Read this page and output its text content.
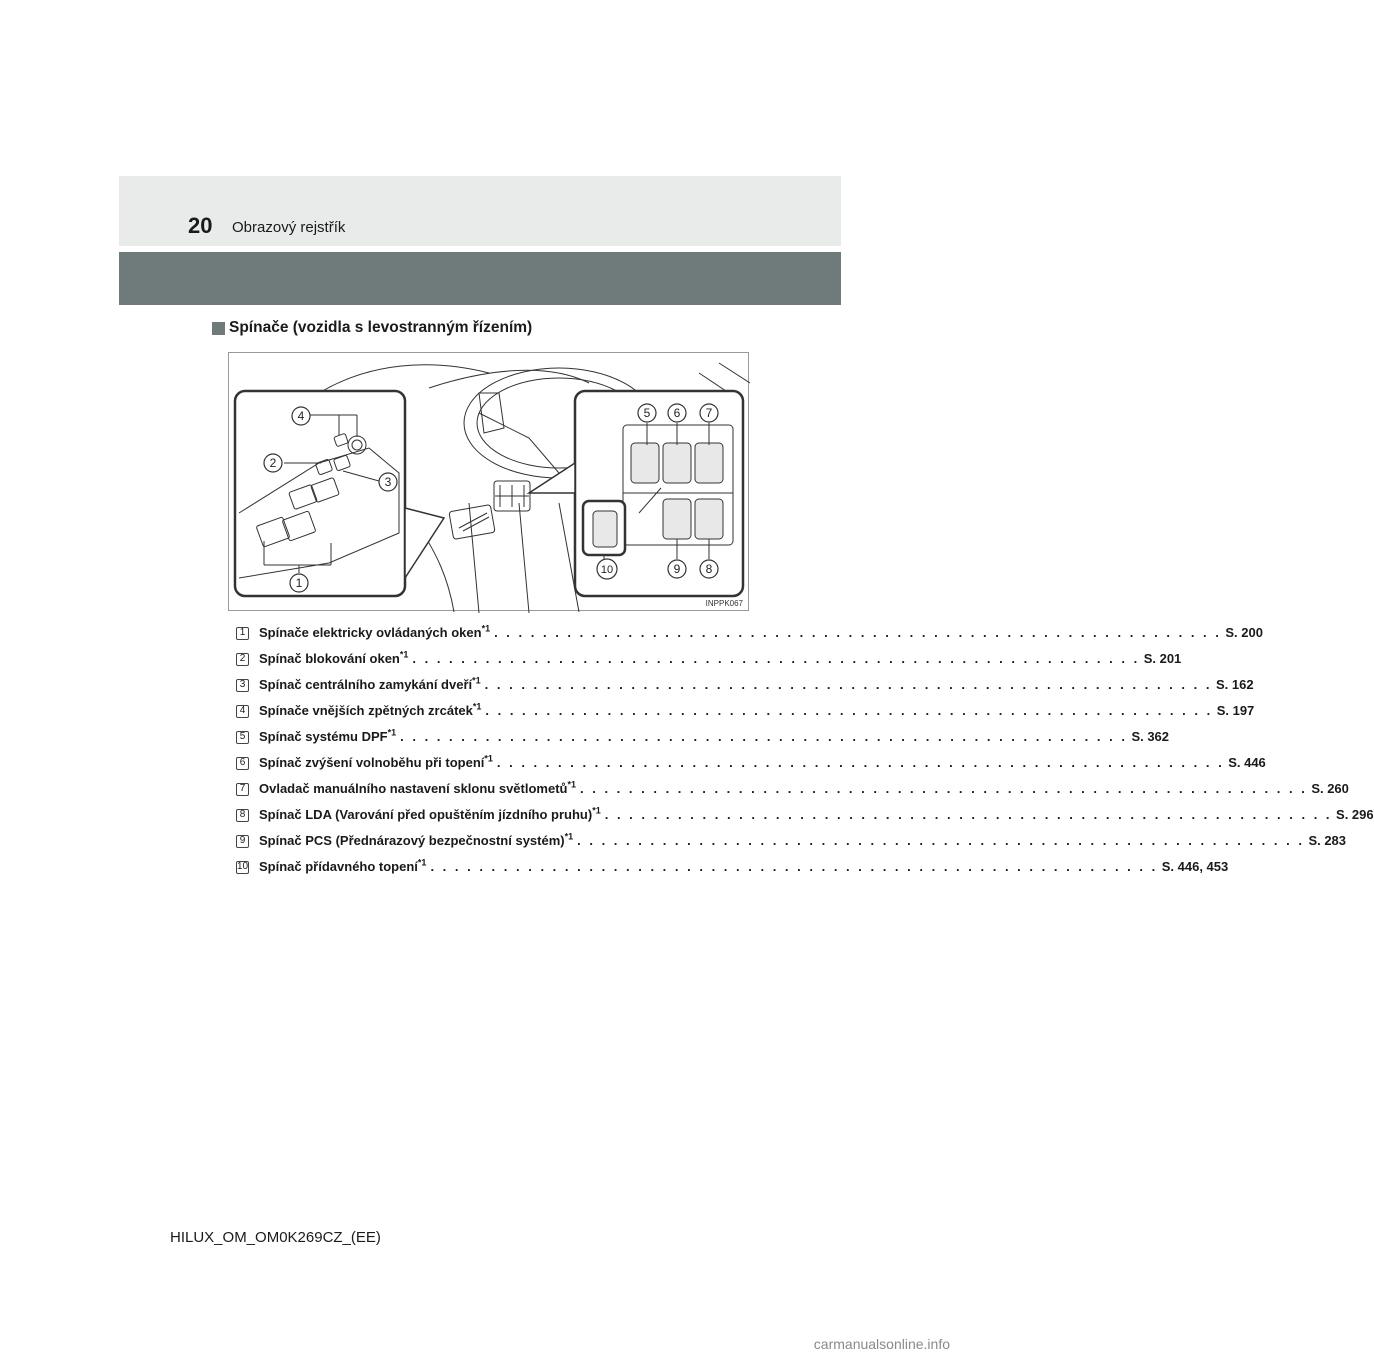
20 Obrazový rejstřík
Spínače (vozidla s levostranným řízením)
4
2
3
1
5 6 7
8
9
10
INPPK067
1 Spínače elektricky ovládaných oken$^{*1}$ . . . . . . . . . . . . . . . . . . . . . . . . . . . . . . . . . . . . . . . . . . . . . . . . . . . . . . . . . . . . S. 200
2 Spínač blokování oken$^{*1}$ . . . . . . . . . . . . . . . . . . . . . . . . . . . . . . . . . . . . . . . . . . . . . . . . . . . . . . . . . . . . S. 201
3 Spínač centrálního zamykání dveří$^{*1}$ . . . . . . . . . . . . . . . . . . . . . . . . . . . . . . . . . . . . . . . . . . . . . . . . . . . . . . . . . . . . S. 162
4 Spínače vnějších zpětných zrcátek$^{*1}$ . . . . . . . . . . . . . . . . . . . . . . . . . . . . . . . . . . . . . . . . . . . . . . . . . . . . . . . . . . . . S. 197
5 Spínač systému DPF$^{*1}$ . . . . . . . . . . . . . . . . . . . . . . . . . . . . . . . . . . . . . . . . . . . . . . . . . . . . . . . . . . . . S. 362
6 Spínač zvýšení volnoběhu při topení$^{*1}$ . . . . . . . . . . . . . . . . . . . . . . . . . . . . . . . . . . . . . . . . . . . . . . . . . . . . . . . . . . . . S. 446
7 Ovladač manuálního nastavení sklonu světlometů$^{*1}$ . . . . . . . . . . . . . . . . . . . . . . . . . . . . . . . . . . . . . . . . . . . . . . . . . . . . . . . . . . . . S. 260
8 Spínač LDA (Varování před opuštěním jízdního pruhu)$^{*1}$ . . . . . . . . . . . . . . . . . . . . . . . . . . . . . . . . . . . . . . . . . . . . . . . . . . . . . . . . . . . . S. 296
9 Spínač PCS (Přednárazový bezpečnostní systém)$^{*1}$ . . . . . . . . . . . . . . . . . . . . . . . . . . . . . . . . . . . . . . . . . . . . . . . . . . . . . . . . . . . . S. 283
10 Spínač přídavného topení$^{*1}$ . . . . . . . . . . . . . . . . . . . . . . . . . . . . . . . . . . . . . . . . . . . . . . . . . . . . . . . . . . . . S. 446, 453
HILUX_OM_OM0K269CZ_(EE)
carmanualsonline.info
